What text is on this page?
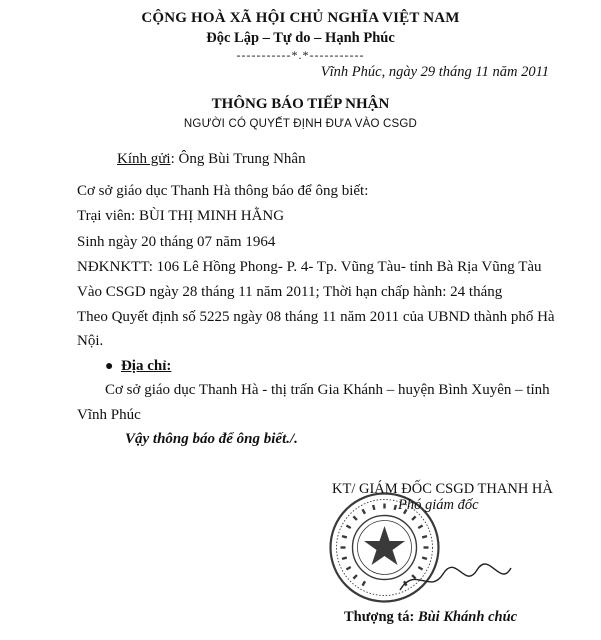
CỘNG HOÀ XÃ HỘI CHỦ NGHĨA VIỆT NAM
Độc Lập – Tự do – Hạnh Phúc
-----------*.*-----------
Vĩnh Phúc, ngày 29 tháng 11 năm 2011
THÔNG BÁO TIẾP NHẬN
NGƯỜI CÓ QUYẾT ĐỊNH ĐƯA VÀO CSGD
Kính gửi: Ông Bùi Trung Nhân
Cơ sở giáo dục Thanh Hà thông báo để ông biết:
Trại viên: BÙI THỊ MINH HẰNG
Sinh ngày 20 tháng 07 năm 1964
NĐKNKTT: 106 Lê Hồng Phong- P. 4- Tp. Vũng Tàu- tỉnh Bà Rịa Vũng Tàu
Vào CSGD ngày 28 tháng 11 năm 2011; Thời hạn chấp hành: 24 tháng
Theo Quyết định số 5225 ngày 08 tháng 11 năm 2011 của UBND thành phố Hà
Nội.
● Địa chỉ:
Cơ sở giáo dục Thanh Hà - thị trấn Gia Khánh – huyện Bình Xuyên – tỉnh
Vĩnh Phúc
Vậy thông báo để ông biết./.
KT/ GIÁM ĐỐC CSGD THANH HÀ
Phó giám đốc
Thượng tá: Bùi Khánh chúc
